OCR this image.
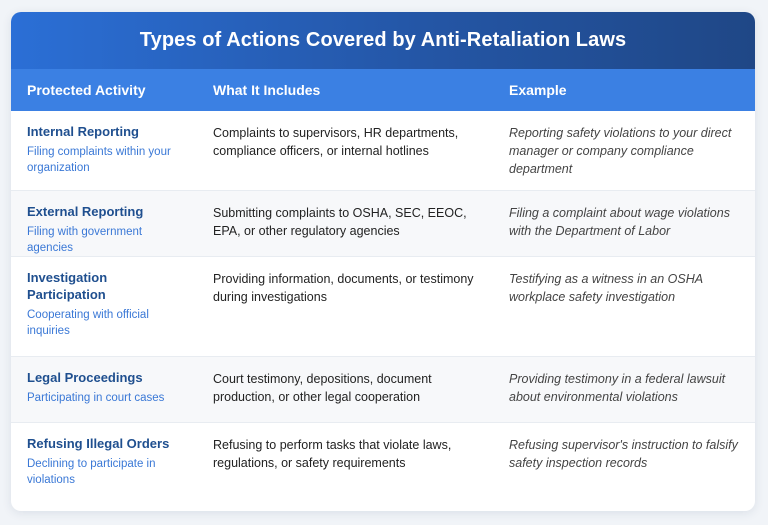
Types of Actions Covered by Anti-Retaliation Laws
Protected Activity	What It Includes	Example

Internal Reporting
Filing complaints within your organization	Complaints to supervisors, HR departments, compliance officers, or internal hotlines	Reporting safety violations to your direct manager or company compliance department

External Reporting
Filing with government agencies	Submitting complaints to OSHA, SEC, EEOC, EPA, or other regulatory agencies	Filing a complaint about wage violations with the Department of Labor

Investigation Participation
Cooperating with official inquiries	Providing information, documents, or testimony during investigations	Testifying as a witness in an OSHA workplace safety investigation

Legal Proceedings
Participating in court cases	Court testimony, depositions, document production, or other legal cooperation	Providing testimony in a federal lawsuit about environmental violations

Refusing Illegal Orders
Declining to participate in violations	Refusing to perform tasks that violate laws, regulations, or safety requirements	Refusing supervisor's instruction to falsify safety inspection records
